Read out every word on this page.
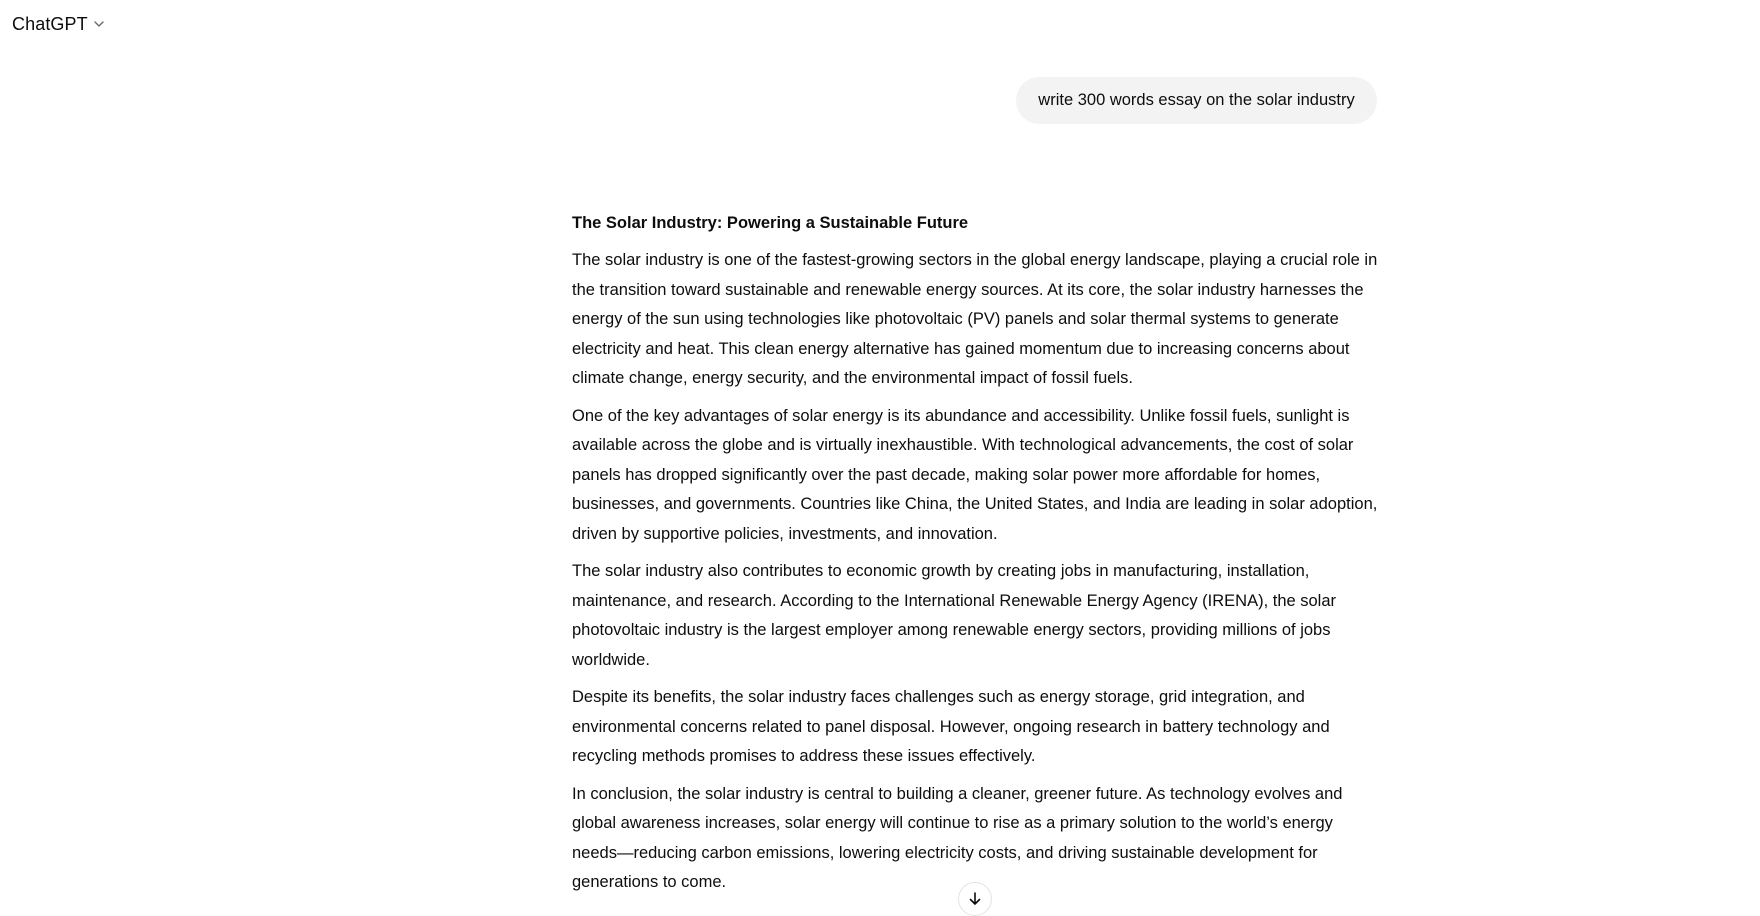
ChatGPT
write 300 words essay on the solar industry
The Solar Industry: Powering a Sustainable Future

The solar industry is one of the fastest-growing sectors in the global energy landscape, playing a crucial role in the transition toward sustainable and renewable energy sources. At its core, the solar industry harnesses the energy of the sun using technologies like photovoltaic (PV) panels and solar thermal systems to generate electricity and heat. This clean energy alternative has gained momentum due to increasing concerns about climate change, energy security, and the environmental impact of fossil fuels.

One of the key advantages of solar energy is its abundance and accessibility. Unlike fossil fuels, sunlight is available across the globe and is virtually inexhaustible. With technological advancements, the cost of solar panels has dropped significantly over the past decade, making solar power more affordable for homes, businesses, and governments. Countries like China, the United States, and India are leading in solar adoption, driven by supportive policies, investments, and innovation.

The solar industry also contributes to economic growth by creating jobs in manufacturing, installation, maintenance, and research. According to the International Renewable Energy Agency (IRENA), the solar photovoltaic industry is the largest employer among renewable energy sectors, providing millions of jobs worldwide.

Despite its benefits, the solar industry faces challenges such as energy storage, grid integration, and environmental concerns related to panel disposal. However, ongoing research in battery technology and recycling methods promises to address these issues effectively.

In conclusion, the solar industry is central to building a cleaner, greener future. As technology evolves and global awareness increases, solar energy will continue to rise as a primary solution to the world’s energy needs—reducing carbon emissions, lowering electricity costs, and driving sustainable development for generations to come.
